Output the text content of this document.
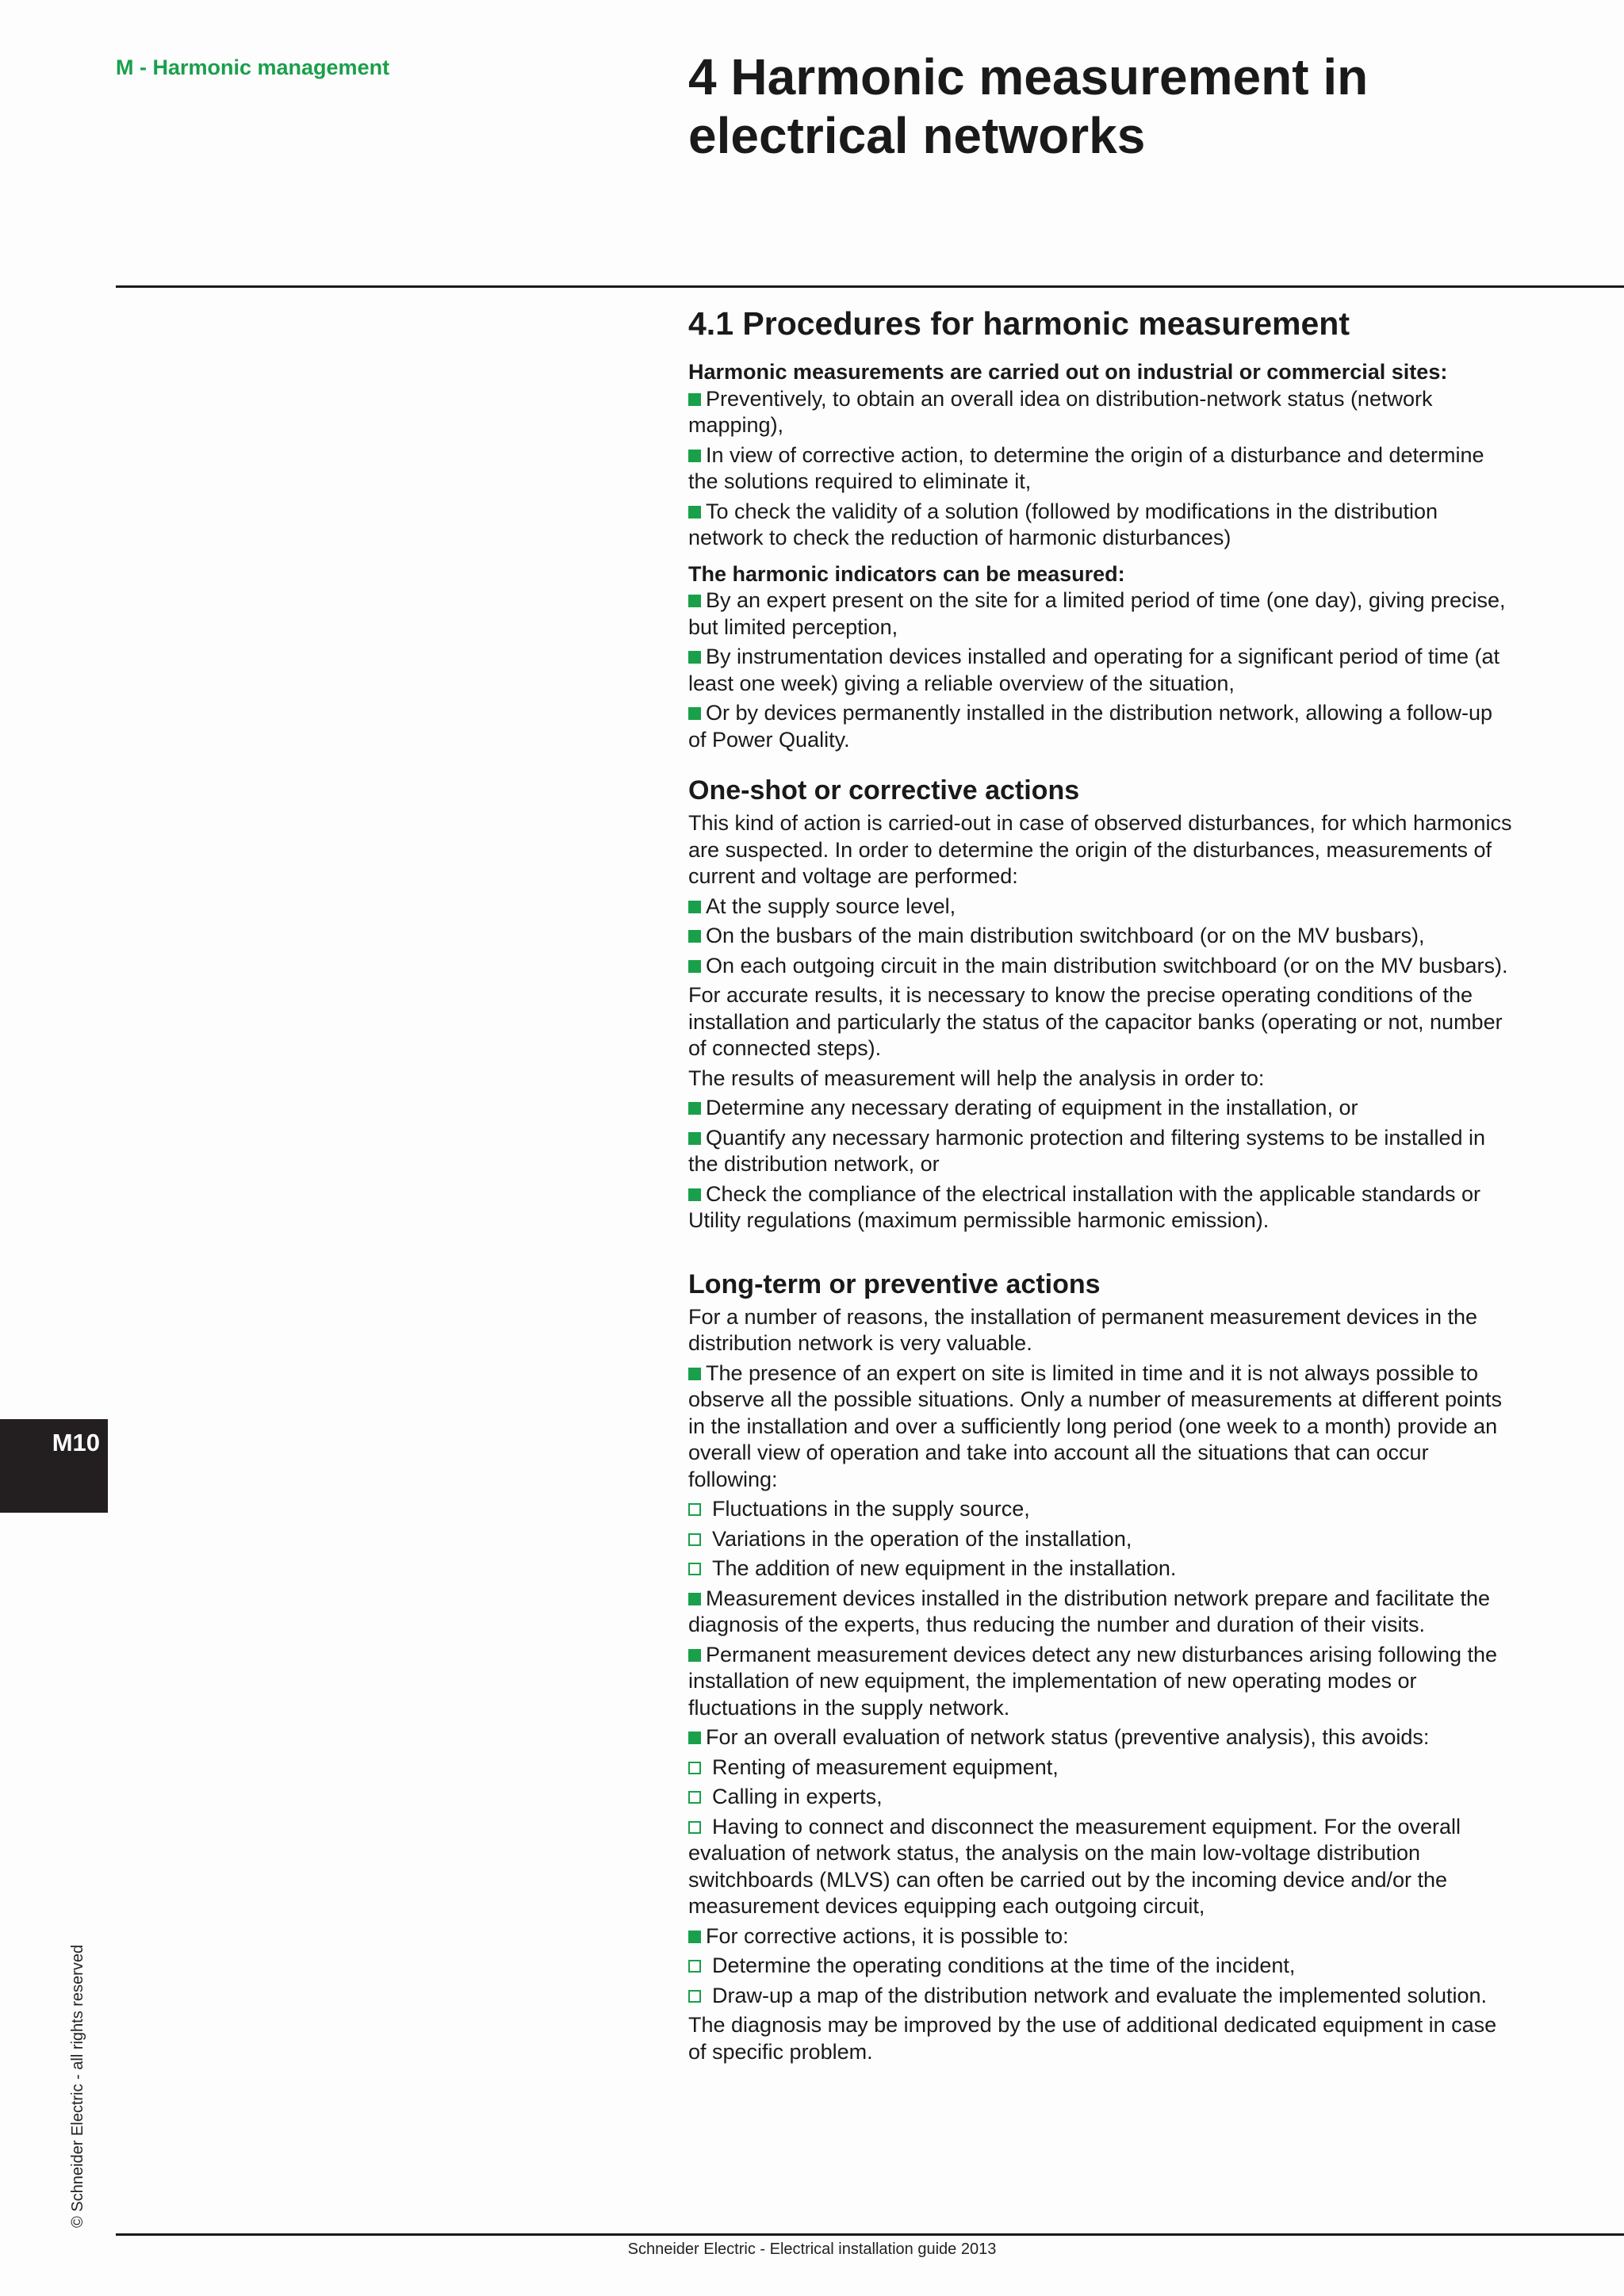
M - Harmonic management	4 Harmonic measurement in electrical networks
M10
© Schneider Electric - all rights reserved
4.1 Procedures for harmonic measurement

Harmonic measurements are carried out on industrial or commercial sites:

Preventively, to obtain an overall idea on distribution-network status (network mapping),
In view of corrective action, to determine the origin of a disturbance and determine the solutions required to eliminate it,
To check the validity of a solution (followed by modifications in the distribution network to check the reduction of harmonic disturbances)

The harmonic indicators can be measured:

By an expert present on the site for a limited period of time (one day), giving precise, but limited perception,
By instrumentation devices installed and operating for a significant period of time (at least one week) giving a reliable overview of the situation,
Or by devices permanently installed in the distribution network, allowing a follow-up of Power Quality.
One-shot or corrective actions

This kind of action is carried-out in case of observed disturbances, for which harmonics are suspected. In order to determine the origin of the disturbances, measurements of current and voltage are performed:

At the supply source level,
On the busbars of the main distribution switchboard (or on the MV busbars),
On each outgoing circuit in the main distribution switchboard (or on the MV busbars).

For accurate results, it is necessary to know the precise operating conditions of the installation and particularly the status of the capacitor banks (operating or not, number of connected steps).

The results of measurement will help the analysis in order to:

Determine any necessary derating of equipment in the installation, or
Quantify any necessary harmonic protection and filtering systems to be installed in the distribution network, or
Check the compliance of the electrical installation with the applicable standards or Utility regulations (maximum permissible harmonic emission).
Long-term or preventive actions

For a number of reasons, the installation of permanent measurement devices in the distribution network is very valuable.

The presence of an expert on site is limited in time and it is not always possible to observe all the possible situations. Only a number of measurements at different points in the installation and over a sufficiently long period (one week to a month) provide an overall view of operation and take into account all the situations that can occur following:
Fluctuations in the supply source,
Variations in the operation of the installation,
The addition of new equipment in the installation.
Measurement devices installed in the distribution network prepare and facilitate the diagnosis of the experts, thus reducing the number and duration of their visits.
Permanent measurement devices detect any new disturbances arising following the installation of new equipment, the implementation of new operating modes or fluctuations in the supply network.
For an overall evaluation of network status (preventive analysis), this avoids:
Renting of measurement equipment,
Calling in experts,
Having to connect and disconnect the measurement equipment. For the overall evaluation of network status, the analysis on the main low-voltage distribution switchboards (MLVS) can often be carried out by the incoming device and/or the measurement devices equipping each outgoing circuit,
For corrective actions, it is possible to:
Determine the operating conditions at the time of the incident,
Draw-up a map of the distribution network and evaluate the implemented solution.

The diagnosis may be improved by the use of additional dedicated equipment in case of specific problem.

Schneider Electric - Electrical installation guide 2013
